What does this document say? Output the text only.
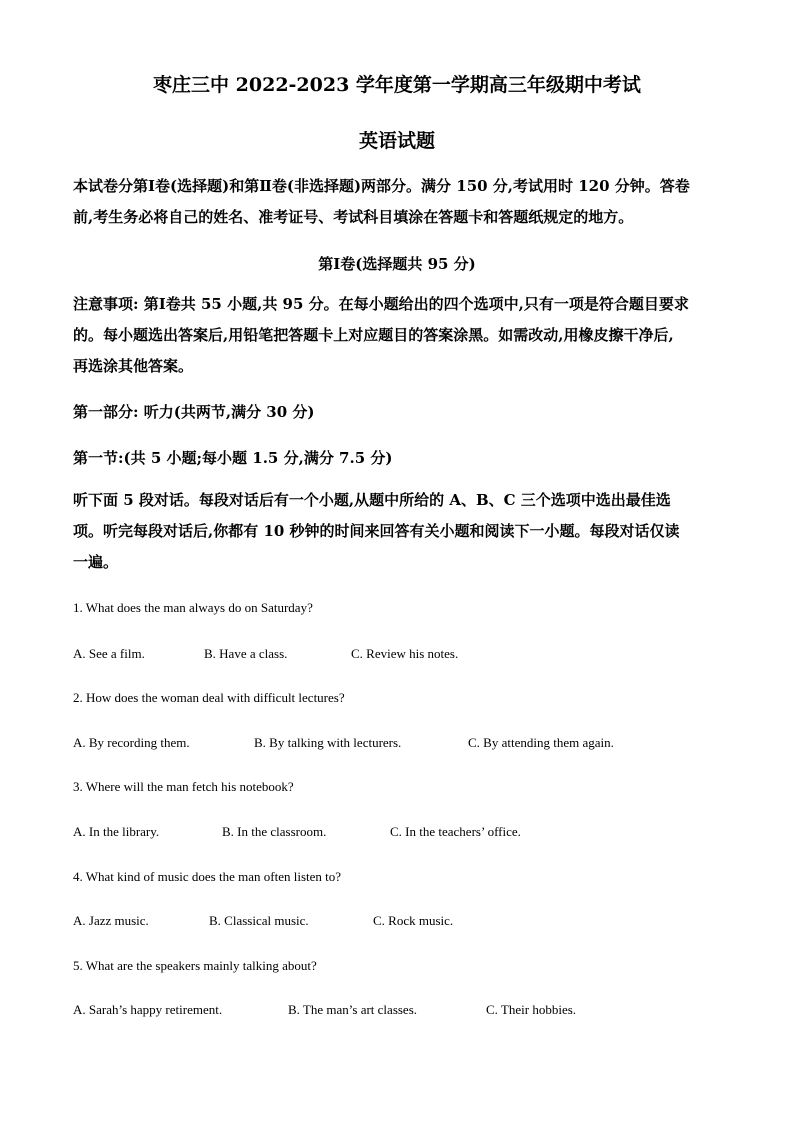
枣庄三中 2022-2023 学年度第一学期高三年级期中考试
英语试题
本试卷分第Ⅰ卷(选择题)和第Ⅱ卷(非选择题)两部分。满分 150 分,考试用时 120 分钟。答卷
前,考生务必将自己的姓名、准考证号、考试科目填涂在答题卡和答题纸规定的地方。
第Ⅰ卷(选择题共 95 分)
注意事项: 第Ⅰ卷共 55 小题,共 95 分。在每小题给出的四个选项中,只有一项是符合题目要求
的。每小题选出答案后,用铅笔把答题卡上对应题目的答案涂黑。如需改动,用橡皮擦干净后,
再选涂其他答案。
第一部分: 听力(共两节,满分 30 分)
第一节:(共 5 小题;每小题 1.5 分,满分 7.5 分)
听下面 5 段对话。每段对话后有一个小题,从题中所给的 A、B、C 三个选项中选出最佳选
项。听完每段对话后,你都有 10 秒钟的时间来回答有关小题和阅读下一小题。每段对话仅读
一遍。
1. What does the man always do on Saturday?
A. See a film.	B. Have a class.	C. Review his notes.
2. How does the woman deal with difficult lectures?
A. By recording them.	B. By talking with lecturers.	C. By attending them again.
3. Where will the man fetch his notebook?
A. In the library.	B. In the classroom.	C. In the teachers’ office.
4. What kind of music does the man often listen to?
A. Jazz music.	B. Classical music.	C. Rock music.
5. What are the speakers mainly talking about?
A. Sarah’s happy retirement.	B. The man’s art classes.	C. Their hobbies.
